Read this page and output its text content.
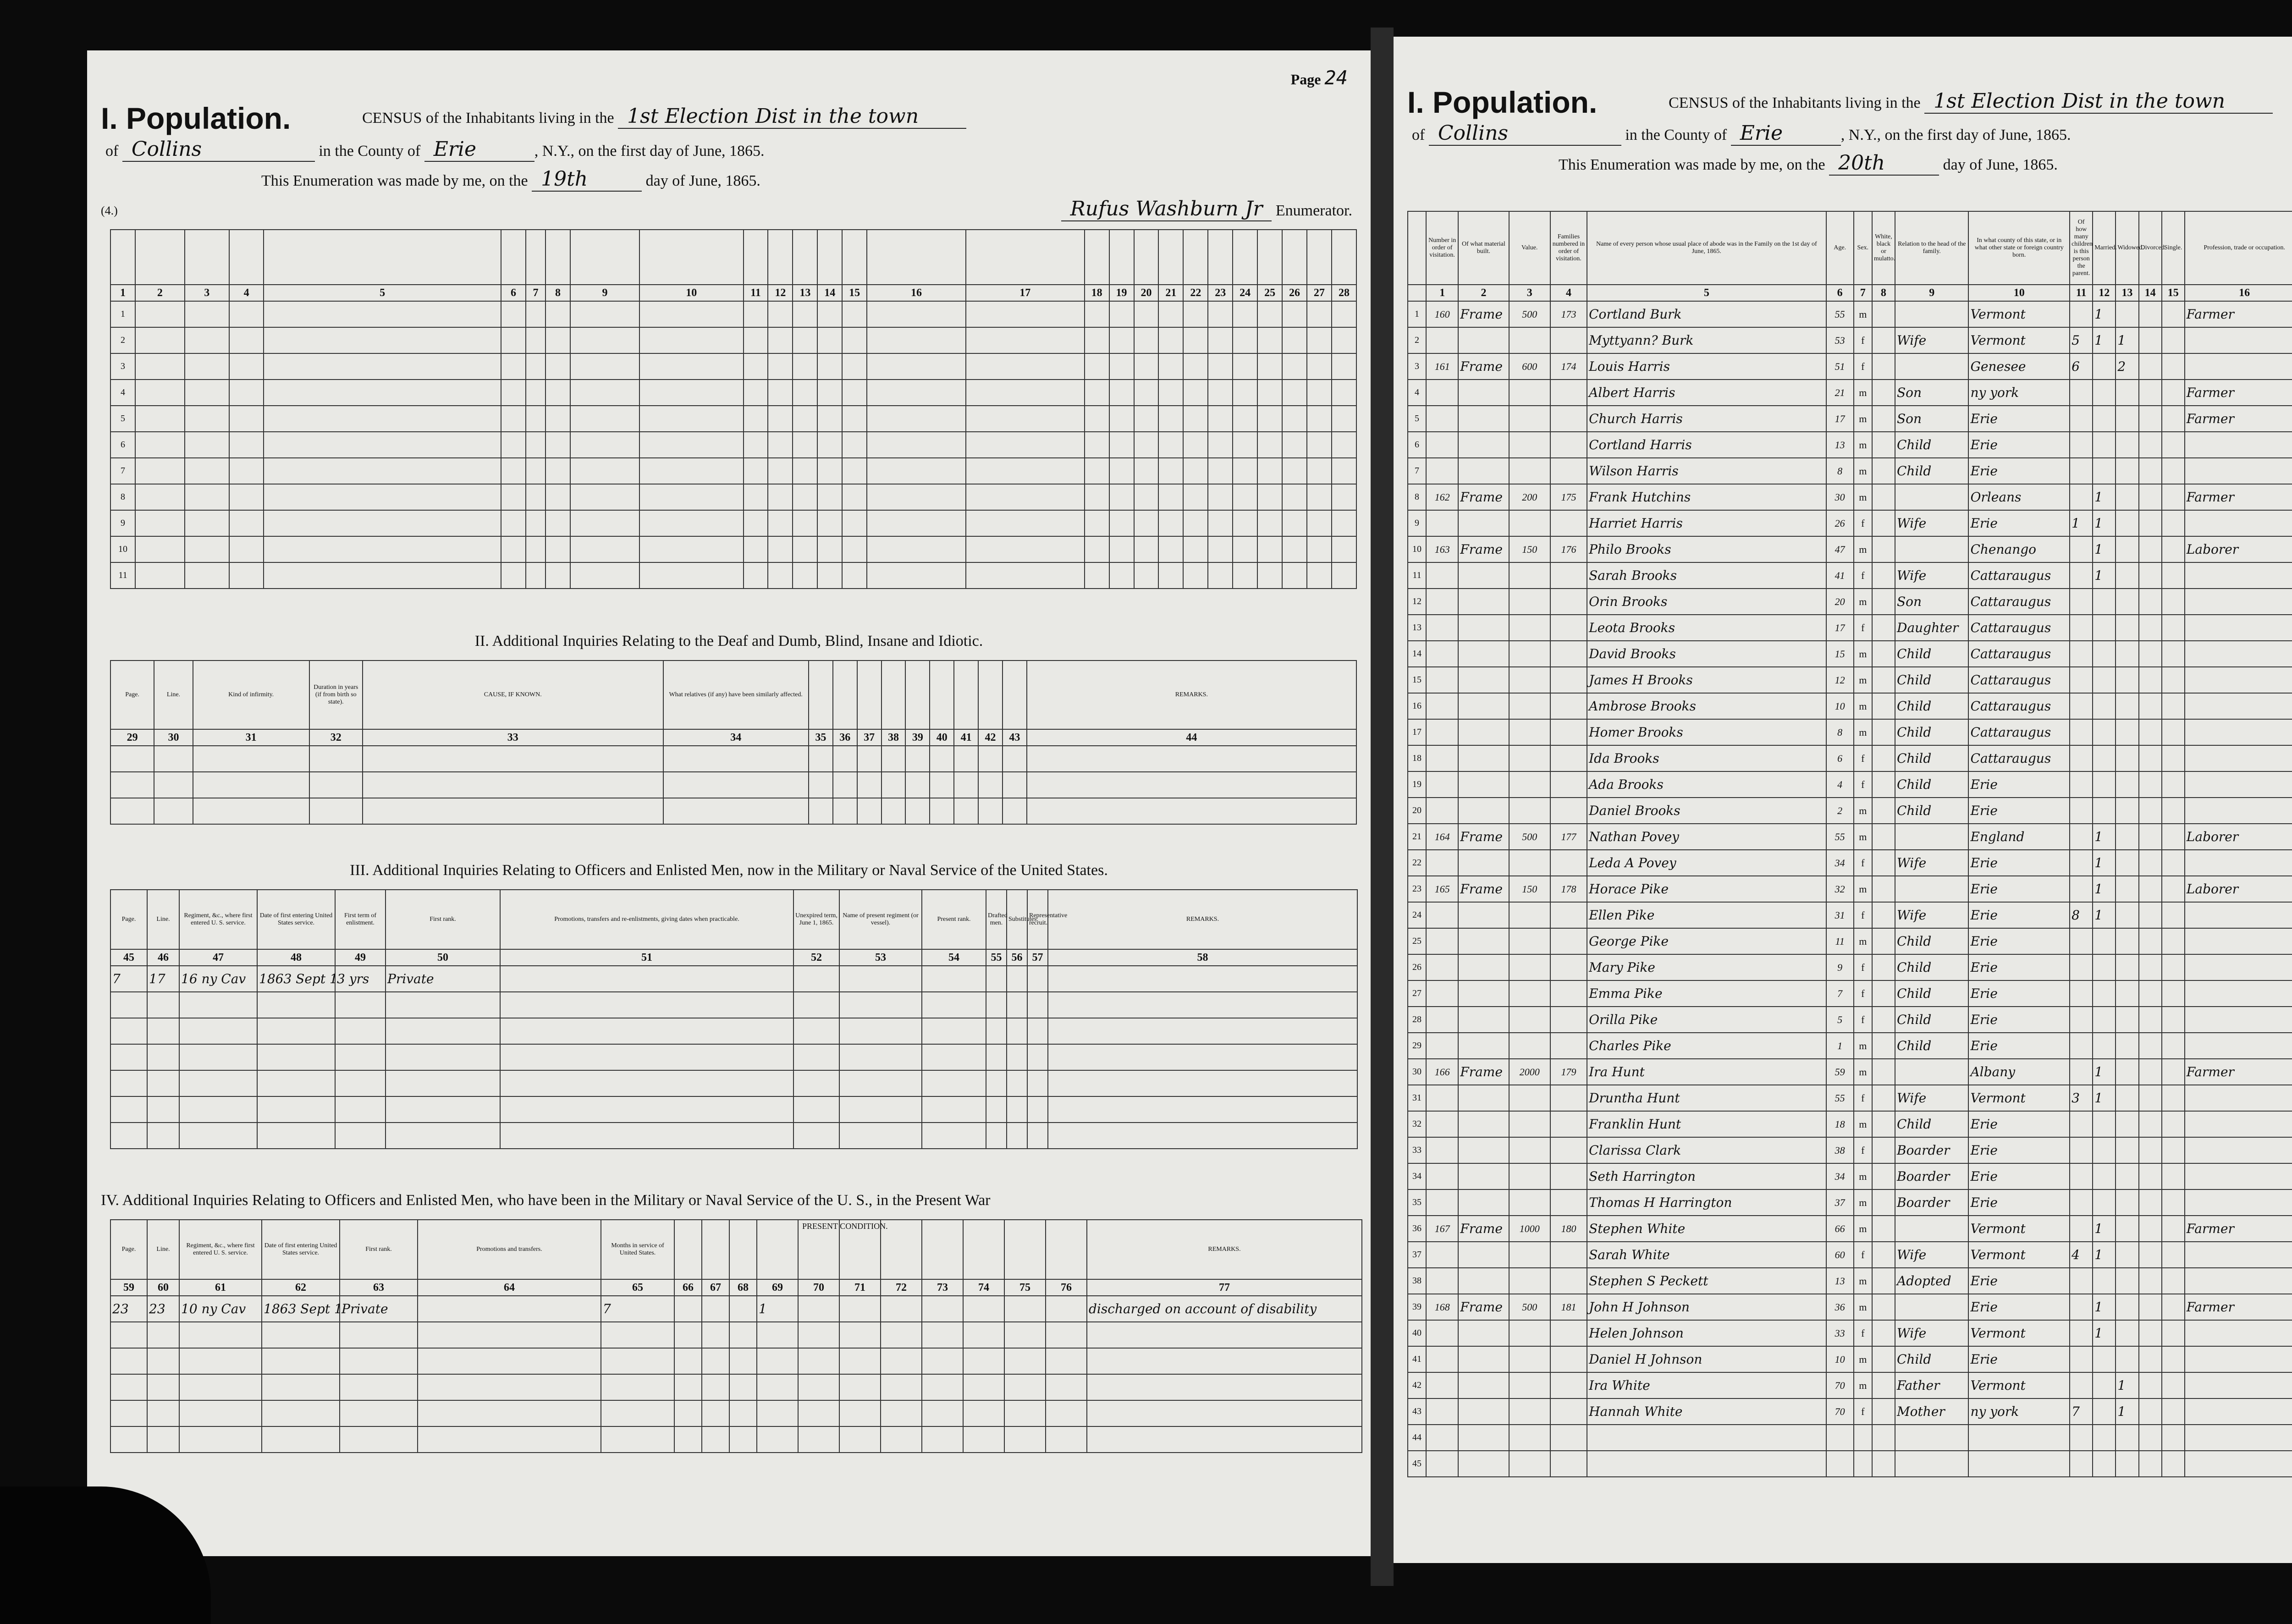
Page 24
I. Population.	CENSUS of the Inhabitants living in the 1st Election Dist in the town
of Collins	in the County of Erie	, N.Y., on the first day of June, 1865.
This Enumeration was made by me, on the 19th	day of June, 1865.
Rufus Washburn Jr Enumerator.
(4.)

1	2	3	4	5	6	7	8	9	10	11	12	13	14	15	16	17	18	19	20	21	22	23	24	25	26	27	28
1																											
2																											
3																											
4																											
5																											
6																											
7																											
8																											
9																											
10																											
11																											
II. Additional Inquiries Relating to the Deaf and Dumb, Blind, Insane and Idiotic.
Page.	Line.	Kind of infirmity.	Duration in years (if from birth so state).	CAUSE, IF KNOWN.	What relatives (if any) have been similarly affected.										REMARKS.
29	30	31	32	33	34	35	36	37	38	39	40	41	42	43	44

III. Additional Inquiries Relating to Officers and Enlisted Men, now in the Military or Naval Service of the United States.
Page.	Line.	Regiment, &c., where first entered U. S. service.	Date of first entering United States service.	First term of enlistment.	First rank.	Promotions, transfers and re-enlistments, giving dates when practicable.	Unexpired term, June 1, 1865.	Name of present regiment (or vessel).	Present rank.	Drafted men.	Substitutes.	Representative recruit.	REMARKS.
45	46	47	48	49	50	51	52	53	54	55	56	57	58
7	17	16 ny Cav	1863 Sept 1	3 yrs	Private								

IV. Additional Inquiries Relating to Officers and Enlisted Men, who have been in the Military or Naval Service of the U. S., in the Present War
Page.	Line.	Regiment, &c., where first entered U. S. service.	Date of first entering United States service.	First rank.	Promotions and transfers.	Months in service of United States.												REMARKS.
59	60	61	62	63	64	65	66	67	68	69	70	71	72	73	74	75	76	77
23	23	10 ny Cav	1863 Sept 1	Private		7				1								discharged on account of disability

PRESENT CONDITION.
I. Population.	CENSUS of the Inhabitants living in the 1st Election Dist in the town
of Collins	in the County of Erie	, N.Y., on the first day of June, 1865.
This Enumeration was made by me, on the 20th	day of June, 1865.
	Number in order of visitation.	Of what material built.	Value.	Families numbered in order of visitation.	Name of every person whose usual place of abode was in the Family on the 1st day of June, 1865.	Age.	Sex.	White, black or mulatto.	Relation to the head of the family.	In what county of this state, or in what other state or foreign country born.	Of how many children is this person the parent.	Married.	Widowed.	Divorced.	Single.	Profession, trade or occupation.												
	1	2	3	4	5	6	7	8	9	10	11	12	13	14	15	16												
1	160	Frame	500	173	Cortland Burk	55	m			Vermont		1				Farmer												
2					Myttyann? Burk	53	f		Wife	Vermont	5	1	1															
3	161	Frame	600	174	Louis Harris	51	f			Genesee	6		2															
4					Albert Harris	21	m		Son	ny york						Farmer												
5					Church Harris	17	m		Son	Erie						Farmer												
6					Cortland Harris	13	m		Child	Erie																		
7					Wilson Harris	8	m		Child	Erie																		
8	162	Frame	200	175	Frank Hutchins	30	m			Orleans		1				Farmer												
9					Harriet Harris	26	f		Wife	Erie	1	1																
10	163	Frame	150	176	Philo Brooks	47	m			Chenango		1				Laborer												
11					Sarah Brooks	41	f		Wife	Cattaraugus		1																
12					Orin Brooks	20	m		Son	Cattaraugus																		
13					Leota Brooks	17	f		Daughter	Cattaraugus																		
14					David Brooks	15	m		Child	Cattaraugus																		
15					James H Brooks	12	m		Child	Cattaraugus																		
16					Ambrose Brooks	10	m		Child	Cattaraugus																		
17					Homer Brooks	8	m		Child	Cattaraugus																		
18					Ida Brooks	6	f		Child	Cattaraugus																		
19					Ada Brooks	4	f		Child	Erie																		
20					Daniel Brooks	2	m		Child	Erie																		
21	164	Frame	500	177	Nathan Povey	55	m			England		1				Laborer												
22					Leda A Povey	34	f		Wife	Erie		1																
23	165	Frame	150	178	Horace Pike	32	m			Erie		1				Laborer												
24					Ellen Pike	31	f		Wife	Erie	8	1																
25					George Pike	11	m		Child	Erie																		
26					Mary Pike	9	f		Child	Erie																		
27					Emma Pike	7	f		Child	Erie																		
28					Orilla Pike	5	f		Child	Erie																		
29					Charles Pike	1	m		Child	Erie																		
30	166	Frame	2000	179	Ira Hunt	59	m			Albany		1				Farmer												
31					Druntha Hunt	55	f		Wife	Vermont	3	1																
32					Franklin Hunt	18	m		Child	Erie																		
33					Clarissa Clark	38	f		Boarder	Erie																		
34					Seth Harrington	34	m		Boarder	Erie																		
35					Thomas H Harrington	37	m		Boarder	Erie																		
36	167	Frame	1000	180	Stephen White	66	m			Vermont		1				Farmer												
37					Sarah White	60	f		Wife	Vermont	4	1																
38					Stephen S Peckett	13	m		Adopted	Erie																		
39	168	Frame	500	181	John H Johnson	36	m			Erie		1				Farmer												
40					Helen Johnson	33	f		Wife	Vermont		1																
41					Daniel H Johnson	10	m		Child	Erie																		
42					Ira White	70	m		Father	Vermont			1															
43					Hannah White	70	f		Mother	ny york	7		1															
44																												
45																												
